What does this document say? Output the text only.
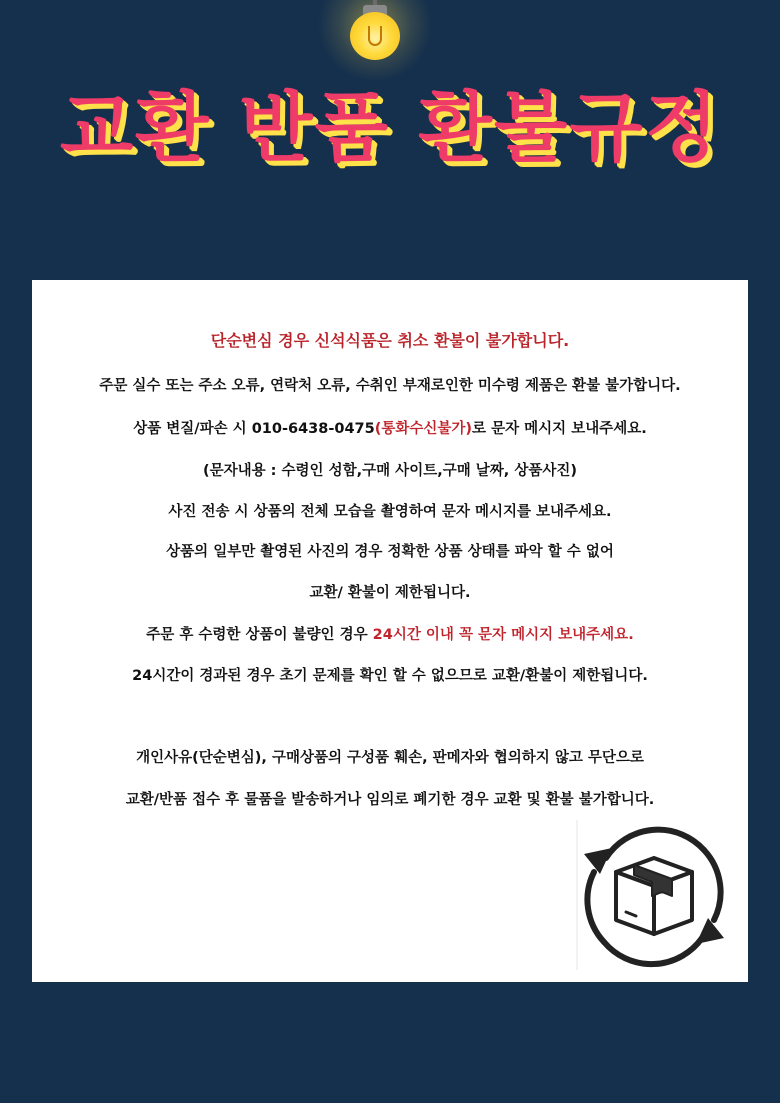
교환 반품 환불규정
단순변심 경우 신석식품은 취소 환불이 불가합니다.
주문 실수 또는 주소 오류, 연락처 오류, 수취인 부재로인한 미수령 제품은 환불 불가합니다.
상품 변질/파손 시 010-6438-0475(통화수신불가)로 문자 메시지 보내주세요.
(문자내용 : 수령인 성함,구매 사이트,구매 날짜, 상품사진)
사진 전송 시 상품의 전체 모습을 촬영하여 문자 메시지를 보내주세요.
상품의 일부만 촬영된 사진의 경우 정확한 상품 상태를 파악 할 수 없어
교환/ 환불이 제한됩니다.
주문 후 수령한 상품이 불량인 경우 24시간 이내 꼭 문자 메시지 보내주세요.
24시간이 경과된 경우 초기 문제를 확인 할 수 없으므로 교환/환불이 제한됩니다.
개인사유(단순변심), 구매상품의 구성품 훼손, 판메자와 협의하지 않고 무단으로
교환/반품 접수 후 물품을 발송하거나 임의로 폐기한 경우 교환 및 환불 불가합니다.
